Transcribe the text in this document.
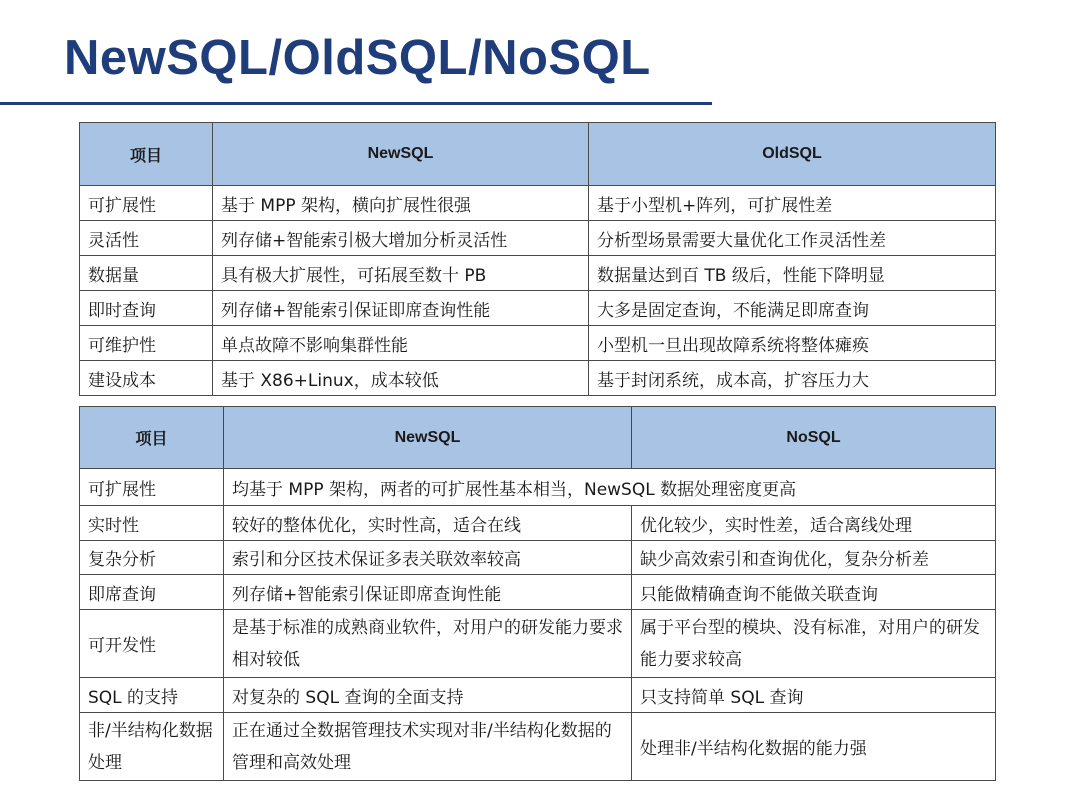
NewSQL/OldSQL/NoSQL
项目	NewSQL	OldSQL
可扩展性	基于 MPP 架构，横向扩展性很强	基于小型机+阵列，可扩展性差
灵活性	列存储+智能索引极大增加分析灵活性	分析型场景需要大量优化工作灵活性差
数据量	具有极大扩展性，可拓展至数十 PB	数据量达到百 TB 级后，性能下降明显
即时查询	列存储+智能索引保证即席查询性能	大多是固定查询，不能满足即席查询
可维护性	单点故障不影响集群性能	小型机一旦出现故障系统将整体瘫痪
建设成本	基于 X86+Linux，成本较低	基于封闭系统，成本高，扩容压力大
项目	NewSQL	NoSQL
可扩展性	均基于 MPP 架构，两者的可扩展性基本相当，NewSQL 数据处理密度更高	
实时性	较好的整体优化，实时性高，适合在线	优化较少，实时性差，适合离线处理
复杂分析	索引和分区技术保证多表关联效率较高	缺少高效索引和查询优化，复杂分析差
即席查询	列存储+智能索引保证即席查询性能	只能做精确查询不能做关联查询
可开发性	是基于标准的成熟商业软件，对用户的研发能力要求相对较低	属于平台型的模块、没有标准，对用户的研发能力要求较高
SQL 的支持	对复杂的 SQL 查询的全面支持	只支持简单 SQL 查询
非/半结构化数据处理	正在通过全数据管理技术实现对非/半结构化数据的管理和高效处理	处理非/半结构化数据的能力强
